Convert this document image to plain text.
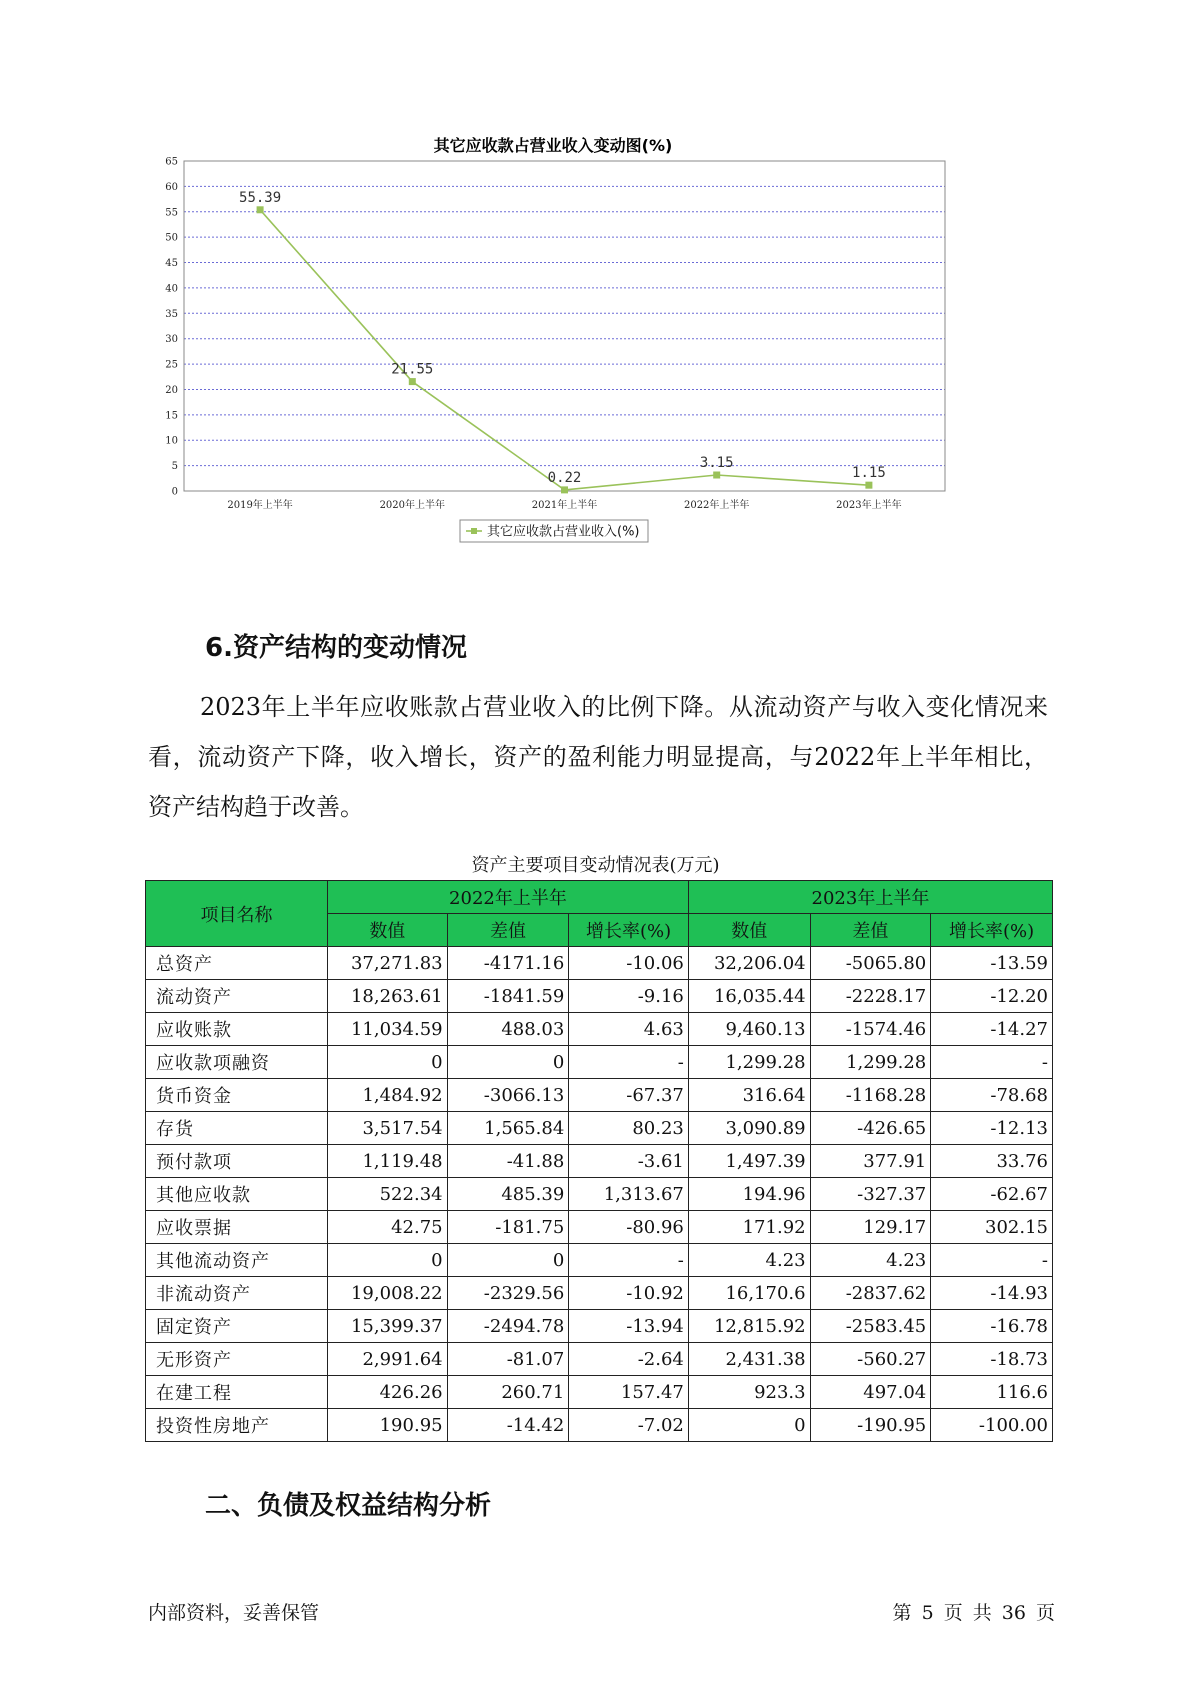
其它应收款占营业收入变动图(%)
0
5
10
15
20
25
30
35
40
45
50
55
60
65
2019年上半年	2020年上半年	2021年上半年	2022年上半年	2023年上半年
55.39
21.55
0.22
3.15
1.15
其它应收款占营业收入(%)
6.资产结构的变动情况

2023年上半年应收账款占营业收入的比例下降。从流动资产与收入变化情况来看，流动资产下降，收入增长，资产的盈利能力明显提高，与2022年上半年相比，资产结构趋于改善。

资产主要项目变动情况表(万元)
项目名称	2022年上半年			2023年上半年		
	数值	差值	增长率(%)	数值	差值	增长率(%)
总资产	37,271.83	-4171.16	-10.06	32,206.04	-5065.80	-13.59
流动资产	18,263.61	-1841.59	-9.16	16,035.44	-2228.17	-12.20
应收账款	11,034.59	488.03	4.63	9,460.13	-1574.46	-14.27
应收款项融资	0	0	-	1,299.28	1,299.28	-
货币资金	1,484.92	-3066.13	-67.37	316.64	-1168.28	-78.68
存货	3,517.54	1,565.84	80.23	3,090.89	-426.65	-12.13
预付款项	1,119.48	-41.88	-3.61	1,497.39	377.91	33.76
其他应收款	522.34	485.39	1,313.67	194.96	-327.37	-62.67
应收票据	42.75	-181.75	-80.96	171.92	129.17	302.15
其他流动资产	0	0	-	4.23	4.23	-
非流动资产	19,008.22	-2329.56	-10.92	16,170.6	-2837.62	-14.93
固定资产	15,399.37	-2494.78	-13.94	12,815.92	-2583.45	-16.78
无形资产	2,991.64	-81.07	-2.64	2,431.38	-560.27	-18.73
在建工程	426.26	260.71	157.47	923.3	497.04	116.6
投资性房地产	190.95	-14.42	-7.02	0	-190.95	-100.00
二、负债及权益结构分析
内部资料，妥善保管	第 5 页 共 36 页
